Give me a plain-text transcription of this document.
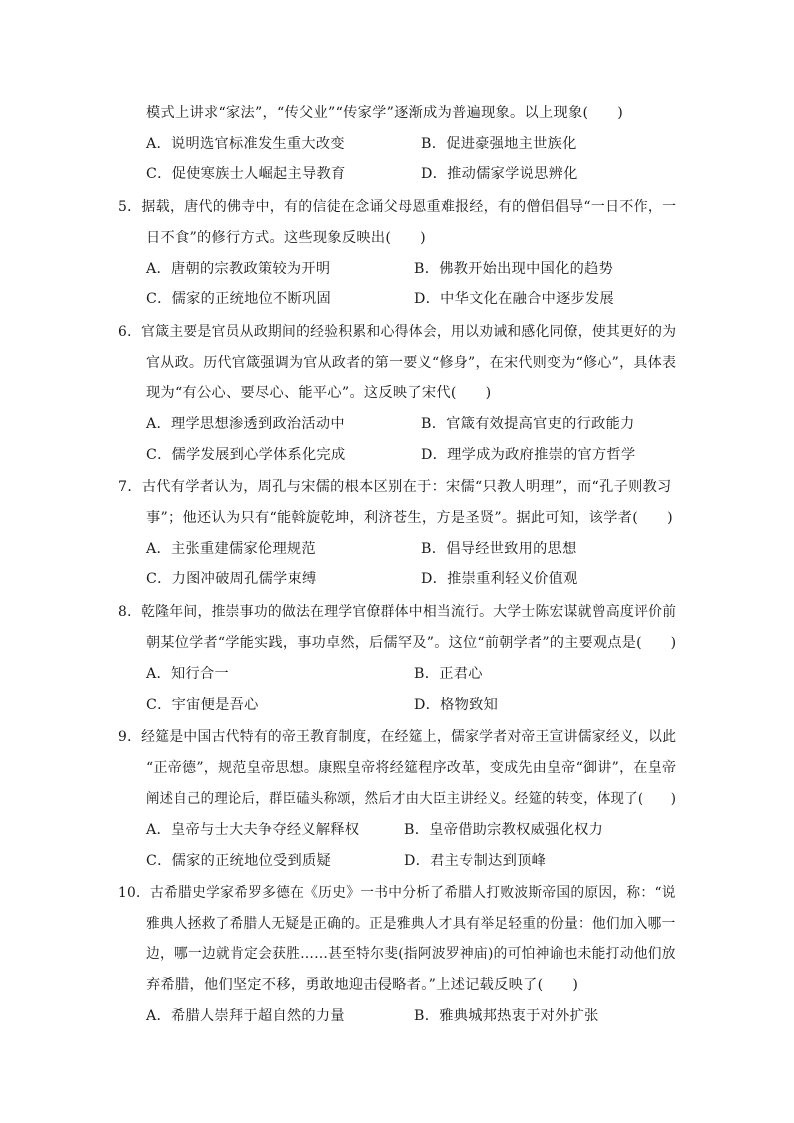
模式上讲求“家法”，“传父业”“传家学”逐渐成为普遍现象。以上现象(　　)
A．说明选官标准发生重大改变	B．促进豪强地主世族化
C．促使寒族士人崛起主导教育	D．推动儒家学说思辨化
5．据载，唐代的佛寺中，有的信徒在念诵父母恩重难报经，有的僧侣倡导“一日不作，一
日不食”的修行方式。这些现象反映出(　　)
A．唐朝的宗教政策较为开明	B．佛教开始出现中国化的趋势
C．儒家的正统地位不断巩固	D．中华文化在融合中逐步发展
6．官箴主要是官员从政期间的经验积累和心得体会，用以劝诫和感化同僚，使其更好的为
官从政。历代官箴强调为官从政者的第一要义“修身”，在宋代则变为“修心”，具体表
现为“有公心、要尽心、能平心”。这反映了宋代(　　)
A．理学思想渗透到政治活动中	B．官箴有效提高官吏的行政能力
C．儒学发展到心学体系化完成	D．理学成为政府推崇的官方哲学
7．古代有学者认为，周孔与宋儒的根本区别在于：宋儒“只教人明理”，而“孔子则教习
事”；他还认为只有“能斡旋乾坤，利济苍生，方是圣贤”。据此可知，该学者(　　)
A．主张重建儒家伦理规范	B．倡导经世致用的思想
C．力图冲破周孔儒学束缚	D．推崇重利轻义价值观
8．乾隆年间，推崇事功的做法在理学官僚群体中相当流行。大学士陈宏谋就曾高度评价前
朝某位学者“学能实践，事功卓然，后儒罕及”。这位“前朝学者”的主要观点是(　　)
A．知行合一	B．正君心
C．宇宙便是吾心	D．格物致知
9．经筵是中国古代特有的帝王教育制度，在经筵上，儒家学者对帝王宣讲儒家经义，以此
“正帝德”，规范皇帝思想。康熙皇帝将经筵程序改革，变成先由皇帝“御讲”，在皇帝
阐述自己的理论后，群臣磕头称颂，然后才由大臣主讲经义。经筵的转变，体现了(　　)
A．皇帝与士大夫争夺经义解释权	B．皇帝借助宗教权威强化权力
C．儒家的正统地位受到质疑	D．君主专制达到顶峰
10．古希腊史学家希罗多德在《历史》一书中分析了希腊人打败波斯帝国的原因，称：“说
雅典人拯救了希腊人无疑是正确的。正是雅典人才具有举足轻重的份量：他们加入哪一
边，哪一边就肯定会获胜……甚至特尔斐(指阿波罗神庙)的可怕神谕也未能打动他们放
弃希腊，他们坚定不移，勇敢地迎击侵略者。”上述记载反映了(　　)
A．希腊人崇拜于超自然的力量	B．雅典城邦热衷于对外扩张
